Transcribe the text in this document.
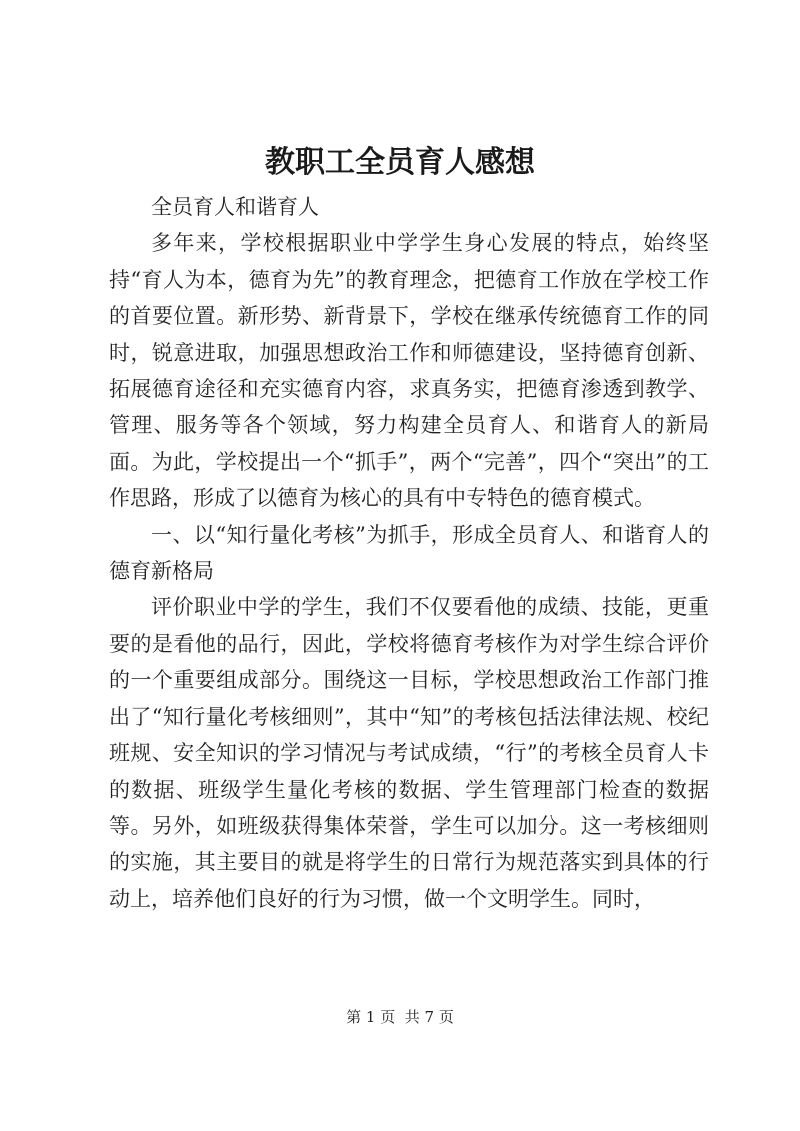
教职工全员育人感想

全员育人和谐育人

多年来，学校根据职业中学学生身心发展的特点，始终坚持“育人为本，德育为先”的教育理念，把德育工作放在学校工作的首要位置。新形势、新背景下，学校在继承传统德育工作的同时，锐意进取，加强思想政治工作和师德建设，坚持德育创新、拓展德育途径和充实德育内容，求真务实，把德育渗透到教学、管理、服务等各个领域，努力构建全员育人、和谐育人的新局面。为此，学校提出一个“抓手”，两个“完善”，四个“突出”的工作思路，形成了以德育为核心的具有中专特色的德育模式。

一、以“知行量化考核”为抓手，形成全员育人、和谐育人的德育新格局

评价职业中学的学生，我们不仅要看他的成绩、技能，更重要的是看他的品行，因此，学校将德育考核作为对学生综合评价的一个重要组成部分。围绕这一目标，学校思想政治工作部门推出了“知行量化考核细则”，其中“知”的考核包括法律法规、校纪班规、安全知识的学习情况与考试成绩，“行”的考核全员育人卡的数据、班级学生量化考核的数据、学生管理部门检查的数据等。另外，如班级获得集体荣誉，学生可以加分。这一考核细则的实施，其主要目的就是将学生的日常行为规范落实到具体的行动上，培养他们良好的行为习惯，做一个文明学生。同时，

第 1 页 共 7 页
